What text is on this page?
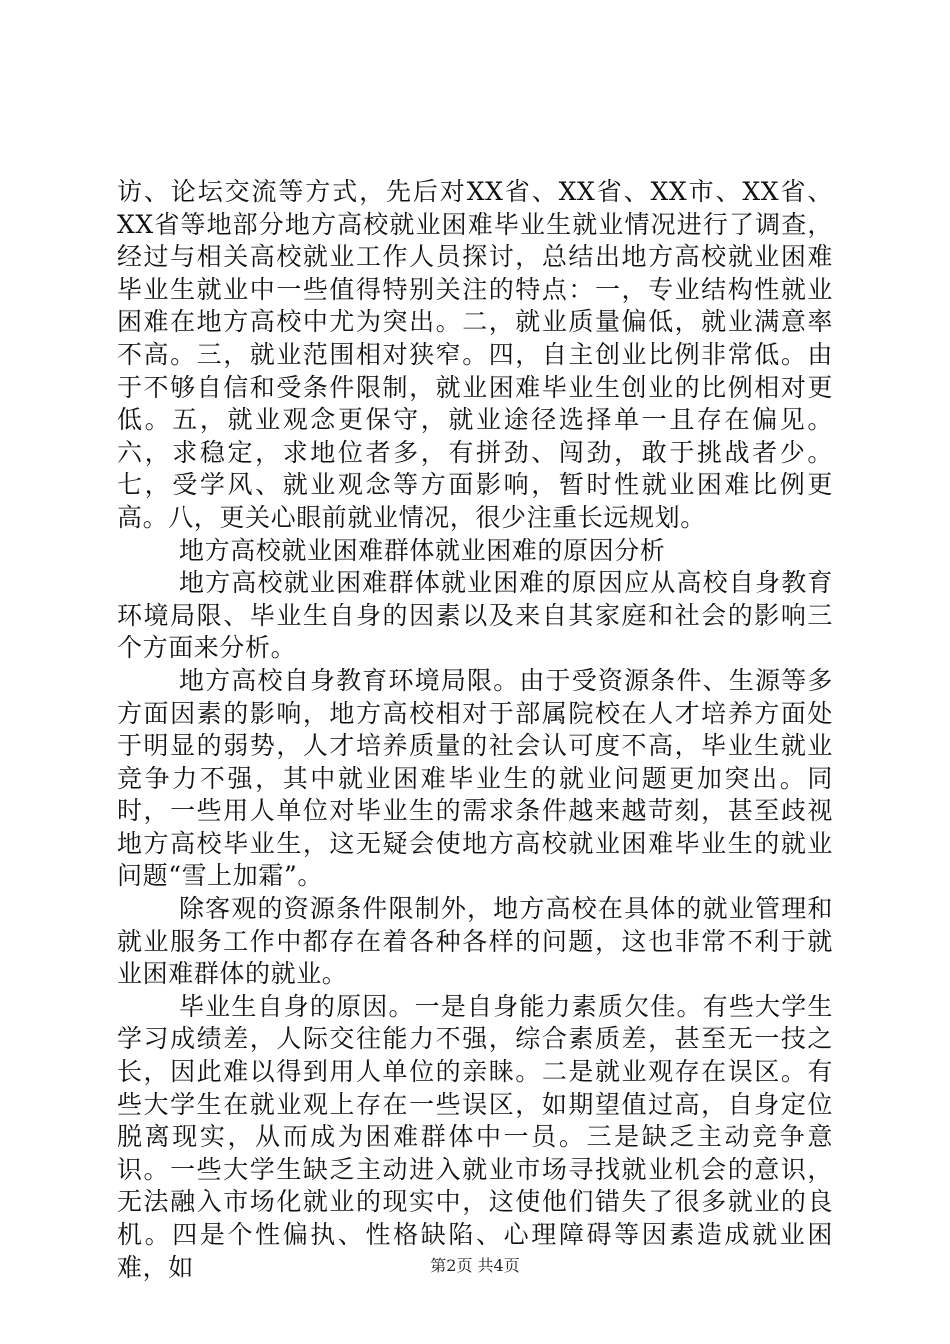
访、论坛交流等方式，先后对XX省、XX省、XX市、XX省、XX省等地部分地方高校就业困难毕业生就业情况进行了调查，经过与相关高校就业工作人员探讨，总结出地方高校就业困难毕业生就业中一些值得特别关注的特点：一，专业结构性就业困难在地方高校中尤为突出。二，就业质量偏低，就业满意率不高。三，就业范围相对狭窄。四，自主创业比例非常低。由于不够自信和受条件限制，就业困难毕业生创业的比例相对更低。五，就业观念更保守，就业途径选择单一且存在偏见。六，求稳定，求地位者多，有拼劲、闯劲，敢于挑战者少。七，受学风、就业观念等方面影响，暂时性就业困难比例更高。八，更关心眼前就业情况，很少注重长远规划。

地方高校就业困难群体就业困难的原因分析

地方高校就业困难群体就业困难的原因应从高校自身教育环境局限、毕业生自身的因素以及来自其家庭和社会的影响三个方面来分析。

地方高校自身教育环境局限。由于受资源条件、生源等多方面因素的影响，地方高校相对于部属院校在人才培养方面处于明显的弱势，人才培养质量的社会认可度不高，毕业生就业竞争力不强，其中就业困难毕业生的就业问题更加突出。同时，一些用人单位对毕业生的需求条件越来越苛刻，甚至歧视地方高校毕业生，这无疑会使地方高校就业困难毕业生的就业问题“雪上加霜”。

除客观的资源条件限制外，地方高校在具体的就业管理和就业服务工作中都存在着各种各样的问题，这也非常不利于就业困难群体的就业。

毕业生自身的原因。一是自身能力素质欠佳。有些大学生学习成绩差，人际交往能力不强，综合素质差，甚至无一技之长，因此难以得到用人单位的亲睐。二是就业观存在误区。有些大学生在就业观上存在一些误区，如期望值过高，自身定位脱离现实，从而成为困难群体中一员。三是缺乏主动竞争意识。一些大学生缺乏主动进入就业市场寻找就业机会的意识，无法融入市场化就业的现实中，这使他们错失了很多就业的良机。四是个性偏执、性格缺陷、心理障碍等因素造成就业困难，如	第2页 共4页
